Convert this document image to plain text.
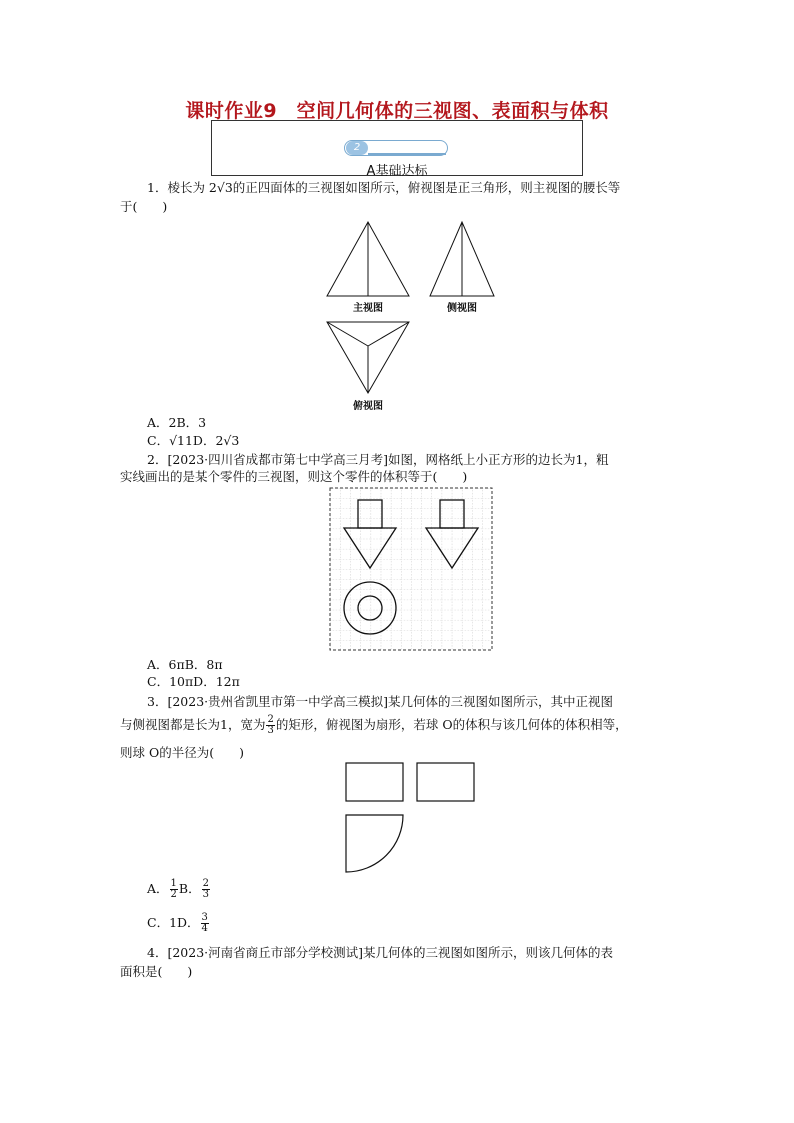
课时作业9　空间几何体的三视图、表面积与体积
2
A基础达标
1．棱长为 2√3的正四面体的三视图如图所示，俯视图是正三角形，则主视图的腰长等
于(　　)
主视图	侧视图
俯视图
A．2B．3
C．√11D．2√3
2．[2023·四川省成都市第七中学高三月考]如图，网格纸上小正方形的边长为1，粗
实线画出的是某个零件的三视图，则这个零件的体积等于(　　)
A．6πB．8π
C．10πD．12π
3．[2023·贵州省凯里市第一中学高三模拟]某几何体的三视图如图所示，其中正视图
与侧视图都是长为1，宽为 $\frac{2}{3}$ 的矩形，俯视图为扇形，若球 O的体积与该几何体的体积相等，
则球 O的半径为(　　)
A． $\frac{1}{2}$ B． $\frac{2}{3}$
C．1D． $\frac{3}{4}$
4．[2023·河南省商丘市部分学校测试]某几何体的三视图如图所示，则该几何体的表
面积是(　　)
